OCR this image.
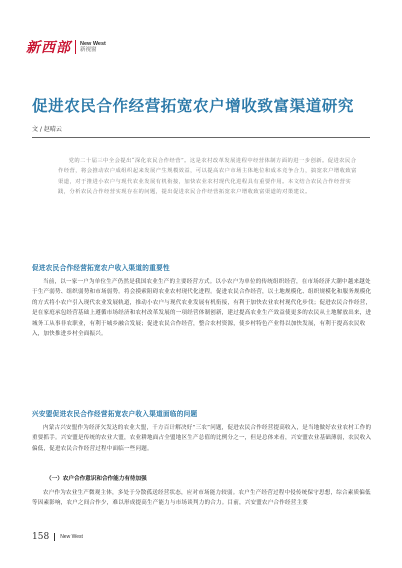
新西部 New West
新视窗
促进农民合作经营拓宽农户增收致富渠道研究
文 / 赵晴云

党的二十届三中全会提出“深化农民合作经营”。这是农村改革发展进程中经营体制方面的进一步创新。促进农民合作经营，将会推动农户成组织起来发展产生规模效益，可以提高农户市场主体地位和成本竞争合力，搞宽农户增收致富渠道，对于推进小农户与现代农业发展有机衔接，加快农业农村现代化进程具有重要作用。本文结合农民合作经营实践，分析农民合作经营实现存在的问题，提出促进农民合作经营拓宽农户增收致富渠道的对策建议。

促进农民合作经营拓宽农户收入渠道的重要性

当前，以一家一户为单位生产仍然是我国农业生产的主要经营方式。以小农户为单位的传统组织经营，在市场经济大潮中越来越处于生产弱势、组织弱势和市场弱势。将会摸索阻碍农业农村现代化进程。促进农民合作经营，以土地规模化、组织规模化和服务规模化的方式将小农户引入现代农业发展轨道，推动小农户与现代农业发展有机衔接，有利于加快农业农村现代化步伐；促进农民合作经营，是在家庭承包经营基础上遵循市场经济和农村改革发展的一项经营体制创新，建过提高农业生产效益使更多的农民从土地解放出来，进城务工从事非农职业，有利于城乡融合发展；促进农民合作经营，整合农村资源，使乡村特色产业得以加快发展，有利于提高农民收入，加快推进乡村全面振兴。

兴安盟促进农民合作经营拓宽农户收入渠道面临的问题

内蒙古兴安盟作为经济欠发达的农业大盟，千方百计解决好“三农”问题，促进农民合作经营提高收入，是当地做好农业农村工作的重要抓手。兴安盟是传统的农业大盟，农业耕地面占全盟地区生产总值的比例分之一，但是总体来看，兴安盟农业基础薄弱，农民收入偏低，促进农民合作经营过程中面临一些问题。

（一）农户合作意识和合作能力有待加强

农户作为农业生产微观主体，多处于分散孤送经营状态，应对市场能力较弱。农户生产经营过程中侵传统保守思想，综合素质偏低等因素影响，农户之间合作少，难以形成提高生产能力与市场谈判力的合力。目前，兴安盟农户合作经营主要

158 New West
